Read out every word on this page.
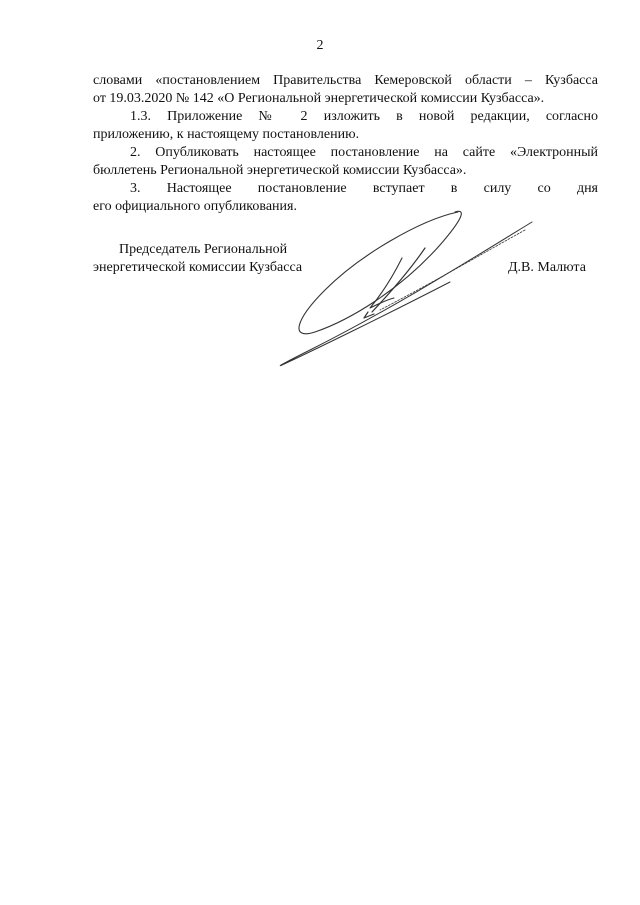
2

словами «постановлением Правительства Кемеровской области – Кузбасса
от 19.03.2020 № 142 «О Региональной энергетической комиссии Кузбасса».

1.3. Приложение № 2 изложить в новой редакции, согласно
приложению, к настоящему постановлению.

2. Опубликовать настоящее постановление на сайте «Электронный
бюллетень Региональной энергетической комиссии Кузбасса».

3. Настоящее постановление вступает в силу со дня
его официального опубликования.

Председатель Региональной
энергетической комиссии Кузбасса	Д.В. Малюта
